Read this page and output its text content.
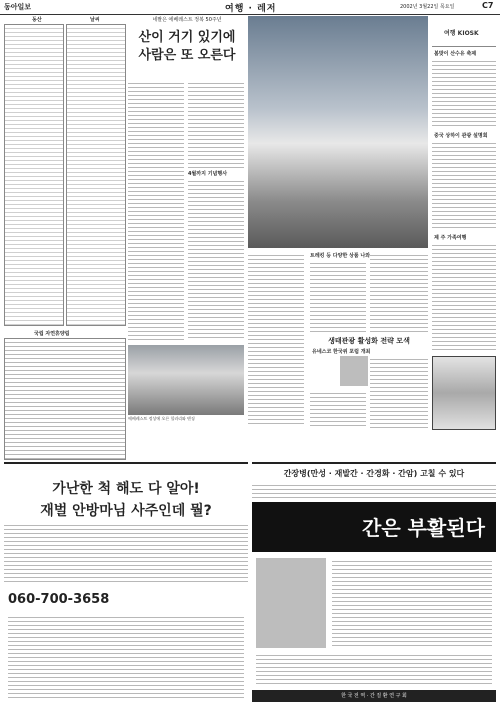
동아일보	여행 · 레저	2002년 3월22일 목요일	C7
동산	날씨
국립 자연휴양림
네팔은 에베레스트 정복 50주년
산이 거기 있기에
사람은 또 오른다
4월까지 기념행사
에베레스트 정상에 오른 힐러리와 텐징
트레킹 등 다양한 상품 나와
생태관광 활성화 전략 모색
유네스코 한국위 포럼 개최
여행 KIOSK
봄맞이 산수유 축제
중국 상하이 관광 설명회
제 주 가족여행
가난한 척 해도 다 알아!
재벌 안방마님 사주인데 뭘?
060-700-3658
간장병(만성 · 재발간 · 간경화 · 간암) 고칠 수 있다
간은 부활된다
한 국 전 역 · 간 질 환 연 구 회
